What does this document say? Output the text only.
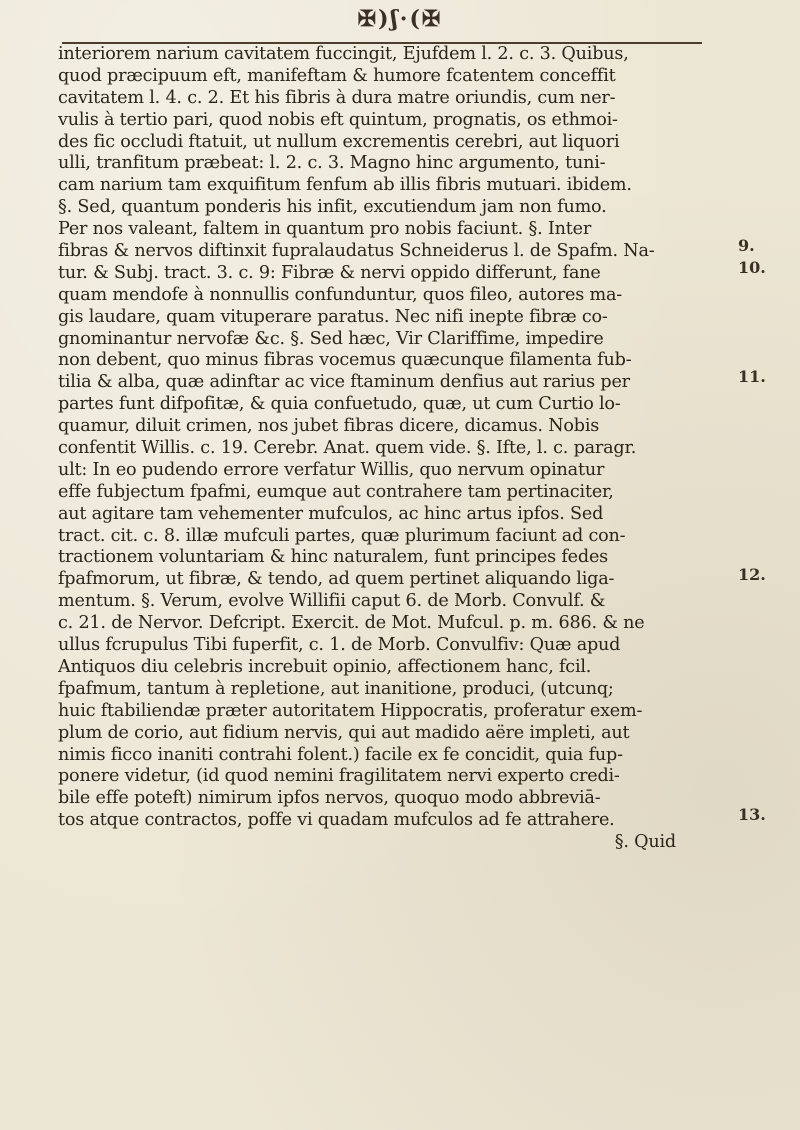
✠)ʃ·(✠
interiorem narium cavitatem fuccingit, Ejufdem l. 2. c. 3. Quibus,
quod præcipuum eft, manifeftam & humore fcatentem conceffit
cavitatem l. 4. c. 2. Et his fibris à dura matre oriundis, cum ner-
vulis à tertio pari, quod nobis eft quintum, prognatis, os ethmoi-
des fic occludi ftatuit, ut nullum excrementis cerebri, aut liquori
ulli, tranfitum præbeat: l. 2. c. 3. Magno hinc argumento, tuni-
cam narium tam exquifitum fenfum ab illis fibris mutuari. ibidem.
§. Sed, quantum ponderis his infit, excutiendum jam non fumo.
Per nos valeant, faltem in quantum pro nobis faciunt. §. Inter
fibras & nervos diftinxit fupralaudatus Schneiderus l. de Spafm. Na-
tur. & Subj. tract. 3. c. 9: Fibræ & nervi oppido differunt, fane
quam mendofe à nonnullis confunduntur, quos fileo, autores ma-
gis laudare, quam vituperare paratus. Nec nifi inepte fibræ co-
gnominantur nervofæ &c. §. Sed hæc, Vir Clariffime, impedire
non debent, quo minus fibras vocemus quæcunque filamenta fub-
tilia & alba, quæ adinftar ac vice ftaminum denfius aut rarius per
partes funt difpofitæ, & quia confuetudo, quæ, ut cum Curtio lo-
quamur, diluit crimen, nos jubet fibras dicere, dicamus. Nobis
confentit Willis. c. 19. Cerebr. Anat. quem vide. §. Ifte, l. c. paragr.
ult: In eo pudendo errore verfatur Willis, quo nervum opinatur
effe fubjectum fpafmi, eumque aut contrahere tam pertinaciter,
aut agitare tam vehementer mufculos, ac hinc artus ipfos. Sed
tract. cit. c. 8. illæ mufculi partes, quæ plurimum faciunt ad con-
tractionem voluntariam & hinc naturalem, funt principes fedes
fpafmorum, ut fibræ, & tendo, ad quem pertinet aliquando liga-
mentum. §. Verum, evolve Willifii caput 6. de Morb. Convulf. &
c. 21. de Nervor. Defcript. Exercit. de Mot. Mufcul. p. m. 686. & ne
ullus fcrupulus Tibi fuperfit, c. 1. de Morb. Convulfiv: Quæ apud
Antiquos diu celebris increbuit opinio, affectionem hanc, fcil.
fpafmum, tantum à repletione, aut inanitione, produci, (utcunq;
huic ftabiliendæ præter autoritatem Hippocratis, proferatur exem-
plum de corio, aut fidium nervis, qui aut madido aëre impleti, aut
nimis ficco inaniti contrahi folent.) facile ex fe concidit, quia fup-
ponere videtur, (id quod nemini fragilitatem nervi experto credi-
bile effe poteft) nimirum ipfos nervos, quoquo modo abbreviā-
tos atque contractos, poffe vi quadam mufculos ad fe attrahere.
§. Quid
9.
10.
11.
12.
13.
